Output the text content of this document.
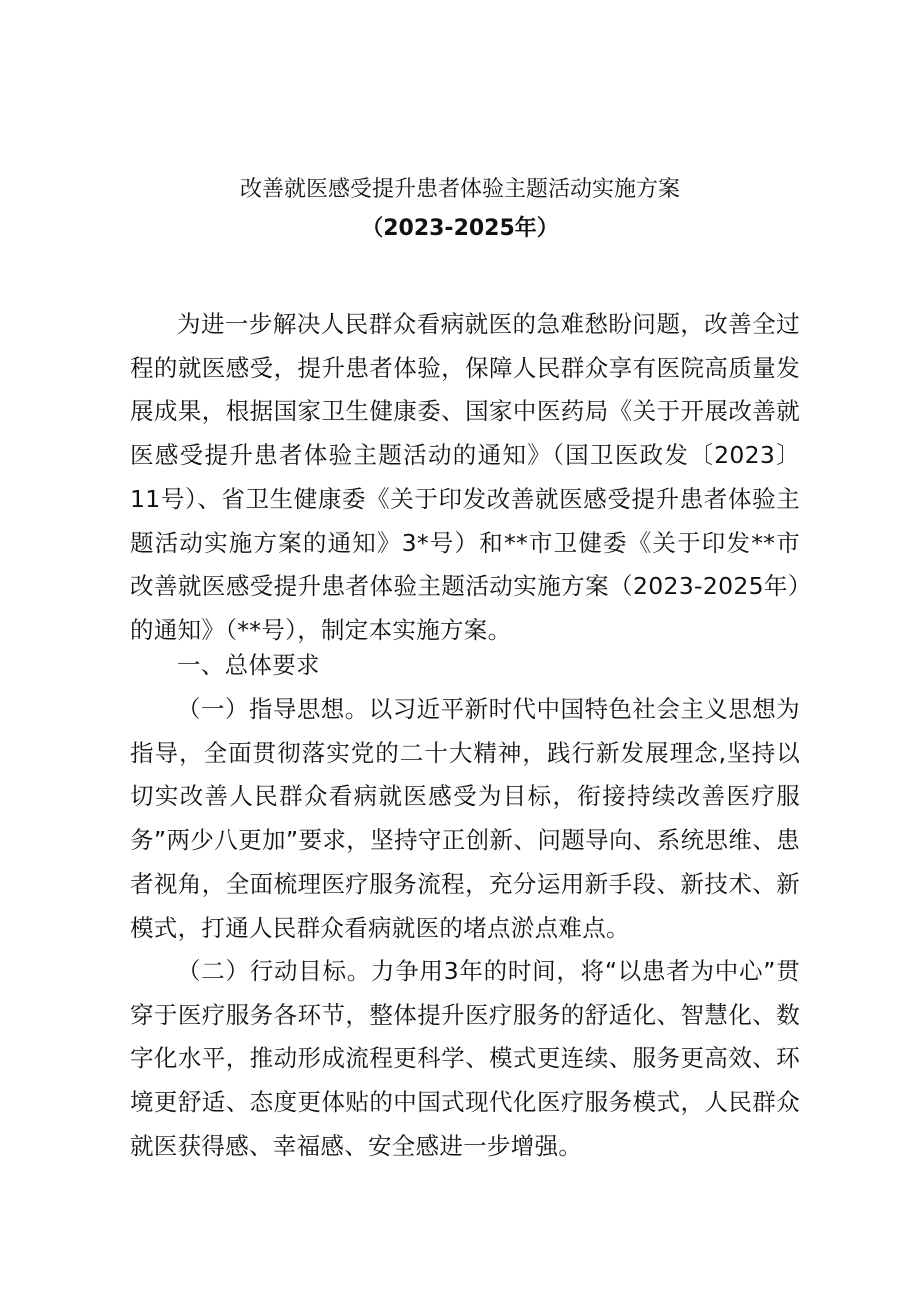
改善就医感受提升患者体验主题活动实施方案
（2023-2025年）

为进一步解决人民群众看病就医的急难愁盼问题，改善全过程的就医感受，提升患者体验，保障人民群众享有医院高质量发展成果，根据国家卫生健康委、国家中医药局《关于开展改善就医感受提升患者体验主题活动的通知》（国卫医政发〔2023〕11号）、省卫生健康委《关于印发改善就医感受提升患者体验主题活动实施方案的通知》3*号）和**市卫健委《关于印发**市改善就医感受提升患者体验主题活动实施方案（2023-2025年）的通知》（**号），制定本实施方案。

一、总体要求

（一）指导思想。以习近平新时代中国特色社会主义思想为指导，全面贯彻落实党的二十大精神，践行新发展理念,坚持以切实改善人民群众看病就医感受为目标，衔接持续改善医疗服务”两少八更加”要求，坚持守正创新、问题导向、系统思维、患者视角，全面梳理医疗服务流程，充分运用新手段、新技术、新模式，打通人民群众看病就医的堵点淤点难点。

（二）行动目标。力争用3年的时间，将“以患者为中心”贯穿于医疗服务各环节，整体提升医疗服务的舒适化、智慧化、数字化水平，推动形成流程更科学、模式更连续、服务更高效、环境更舒适、态度更体贴的中国式现代化医疗服务模式，人民群众就医获得感、幸福感、安全感进一步增强。
